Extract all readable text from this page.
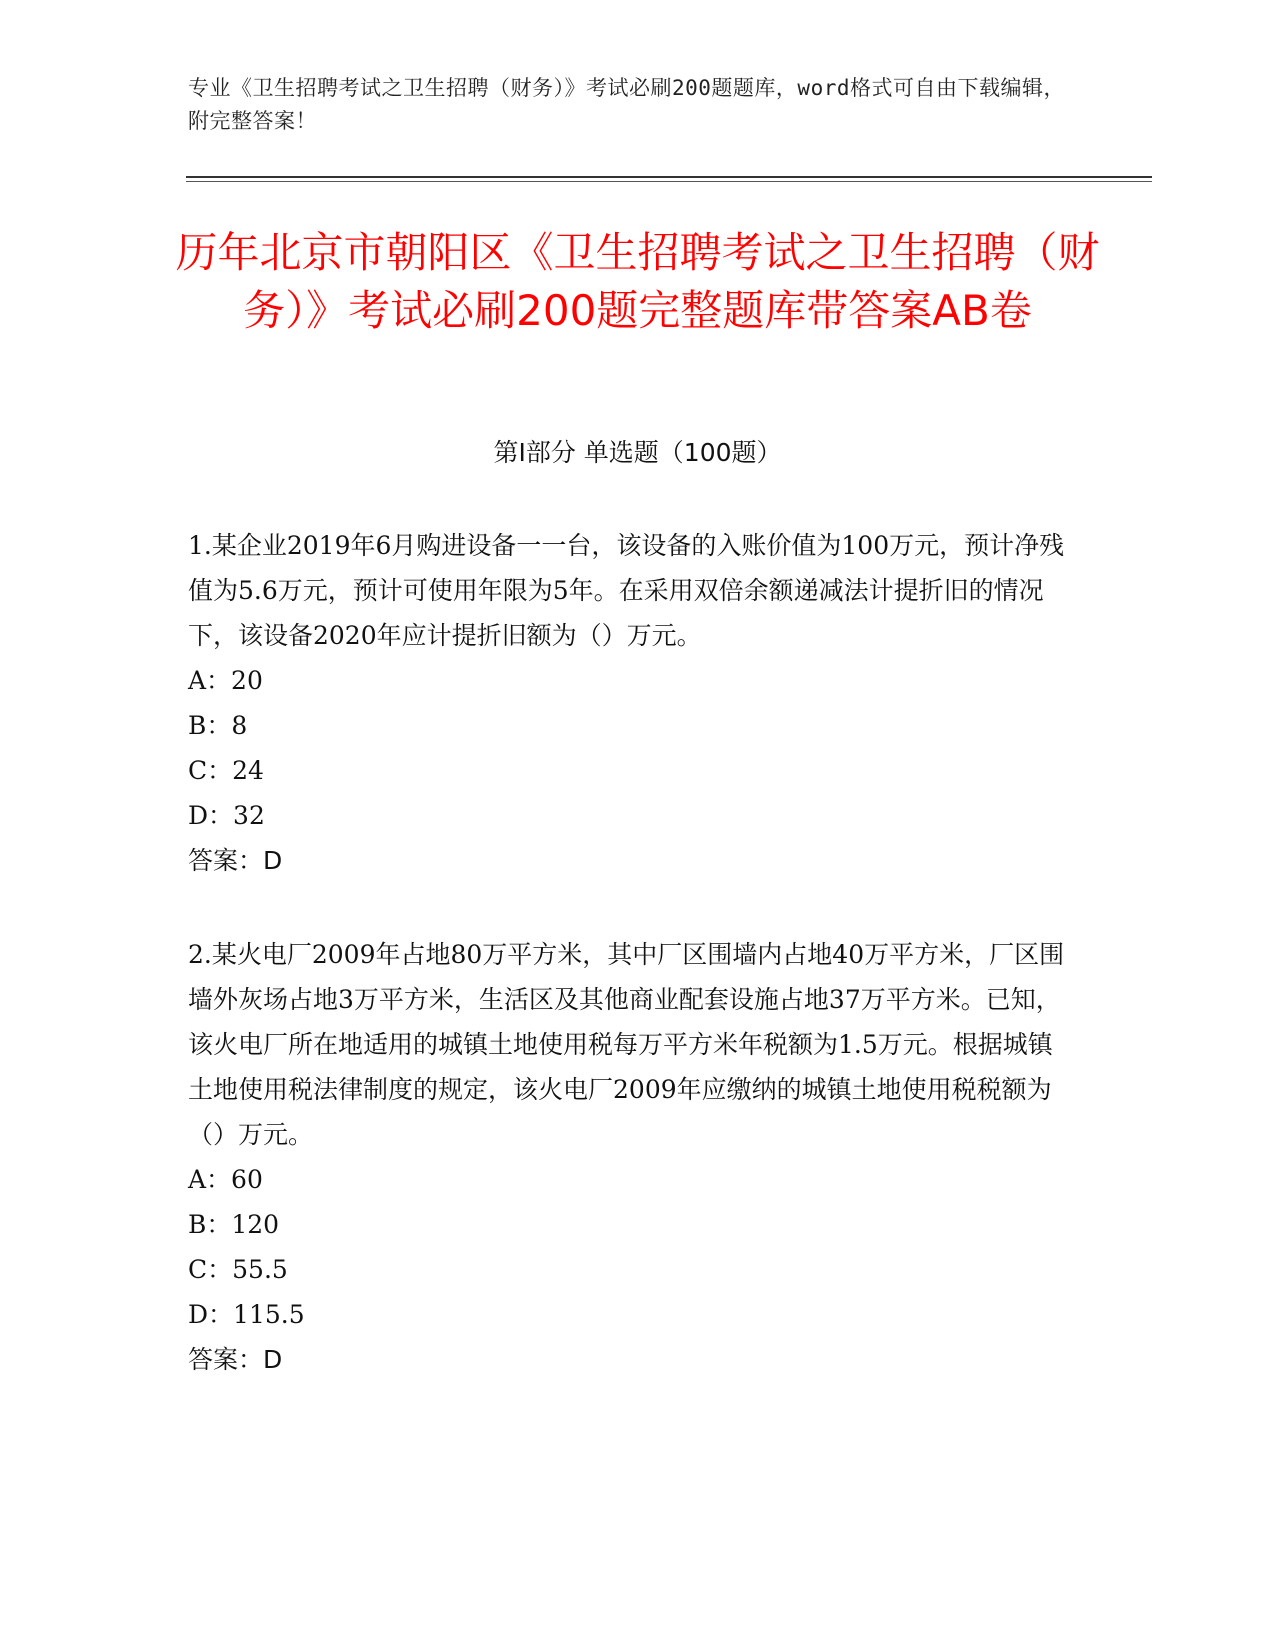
专业《卫生招聘考试之卫生招聘（财务）》考试必刷200题题库，word格式可自由下载编辑，附完整答案！
历年北京市朝阳区《卫生招聘考试之卫生招聘（财务）》考试必刷200题完整题库带答案AB卷
第I部分 单选题（100题）

1.某企业2019年6月购进设备一一台，该设备的入账价值为100万元，预计净残值为5.6万元，预计可使用年限为5年。在采用双倍余额递减法计提折旧的情况下，该设备2020年应计提折旧额为（）万元。

A：20

B：8

C：24

D：32

答案：D

2.某火电厂2009年占地80万平方米，其中厂区围墙内占地40万平方米，厂区围墙外灰场占地3万平方米，生活区及其他商业配套设施占地37万平方米。已知，该火电厂所在地适用的城镇土地使用税每万平方米年税额为1.5万元。根据城镇土地使用税法律制度的规定，该火电厂2009年应缴纳的城镇土地使用税税额为（）万元。

A：60

B：120

C：55.5

D：115.5

答案：D
